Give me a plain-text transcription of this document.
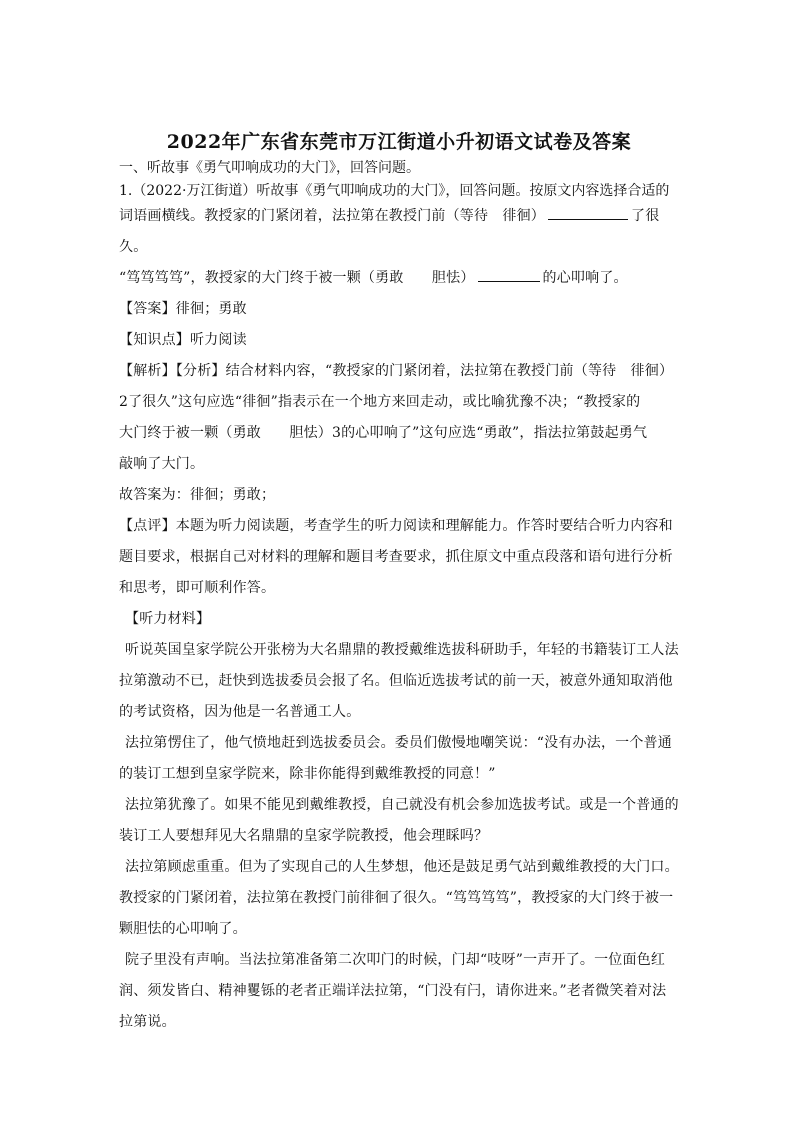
2022年广东省东莞市万江街道小升初语文试卷及答案

一、听故事《勇气叩响成功的大门》，回答问题。

1.（2022·万江街道）听故事《勇气叩响成功的大门》，回答问题。按原文内容选择合适的

词语画横线。教授家的门紧闭着，法拉第在教授门前（等待　徘徊）	了很久。

“笃笃笃笃”，教授家的大门终于被一颗（勇敢　　胆怯）	的心叩响了。

【答案】徘徊；勇敢

【知识点】听力阅读

【解析】【分析】结合材料内容，“教授家的门紧闭着，法拉第在教授门前（等待　徘徊）

2了很久”这句应选“徘徊”指表示在一个地方来回走动，或比喻犹豫不决；“教授家的

大门终于被一颗（勇敢　　胆怯）3的心叩响了”这句应选“勇敢”，指法拉第鼓起勇气

敲响了大门。

故答案为：徘徊；勇敢；

【点评】本题为听力阅读题，考查学生的听力阅读和理解能力。作答时要结合听力内容和

题目要求，根据自己对材料的理解和题目考查要求，抓住原文中重点段落和语句进行分析

和思考，即可顺利作答。

【听力材料】

听说英国皇家学院公开张榜为大名鼎鼎的教授戴维选拔科研助手，年轻的书籍装订工人法

拉第激动不已，赶快到选拔委员会报了名。但临近选拔考试的前一天，被意外通知取消他

的考试资格，因为他是一名普通工人。

法拉第愣住了，他气愤地赶到选拔委员会。委员们傲慢地嘲笑说：“没有办法，一个普通

的装订工想到皇家学院来，除非你能得到戴维教授的同意！”

法拉第犹豫了。如果不能见到戴维教授，自己就没有机会参加选拔考试。或是一个普通的

装订工人要想拜见大名鼎鼎的皇家学院教授，他会理睬吗？

法拉第顾虑重重。但为了实现自己的人生梦想，他还是鼓足勇气站到戴维教授的大门口。

教授家的门紧闭着，法拉第在教授门前徘徊了很久。“笃笃笃笃”，教授家的大门终于被一

颗胆怯的心叩响了。

院子里没有声响。当法拉第准备第二次叩门的时候，门却“吱呀”一声开了。一位面色红

润、须发皆白、精神矍铄的老者正端详法拉第，“门没有闩，请你进来。”老者微笑着对法

拉第说。
